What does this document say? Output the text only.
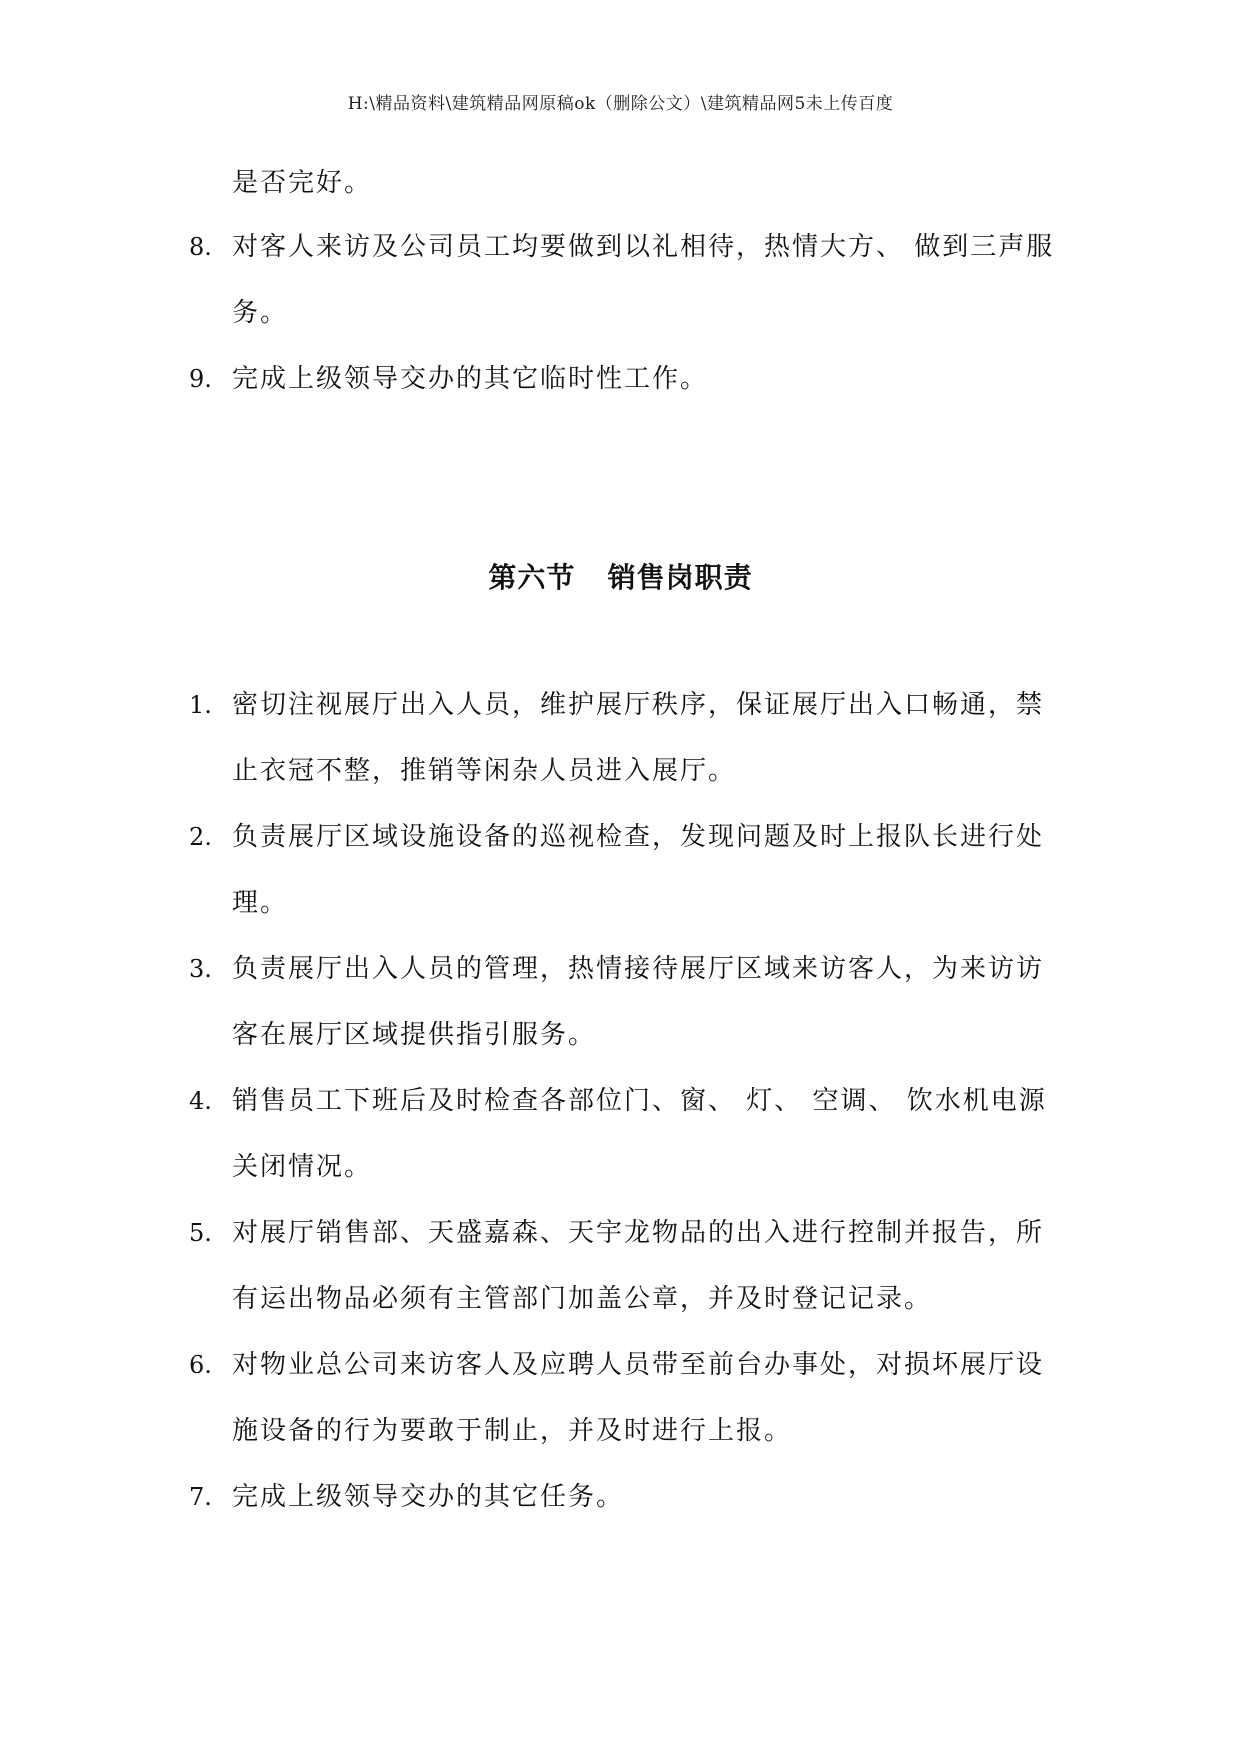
H:\精品资料\建筑精品网原稿ok（删除公文）\建筑精品网5未上传百度
是否完好。
8. 对客人来访及公司员工均要做到以礼相待，热情大方、 做到三声服务。
9. 完成上级领导交办的其它临时性工作。
第六节   销售岗职责
1. 密切注视展厅出入人员，维护展厅秩序，保证展厅出入口畅通，禁止衣冠不整，推销等闲杂人员进入展厅。
2. 负责展厅区域设施设备的巡视检查，发现问题及时上报队长进行处理。
3. 负责展厅出入人员的管理，热情接待展厅区域来访客人，为来访访客在展厅区域提供指引服务。
4. 销售员工下班后及时检查各部位门、窗、 灯、 空调、 饮水机电源关闭情况。
5. 对展厅销售部、天盛嘉森、天宇龙物品的出入进行控制并报告，所有运出物品必须有主管部门加盖公章，并及时登记记录。
6. 对物业总公司来访客人及应聘人员带至前台办事处，对损坏展厅设施设备的行为要敢于制止，并及时进行上报。
7. 完成上级领导交办的其它任务。
